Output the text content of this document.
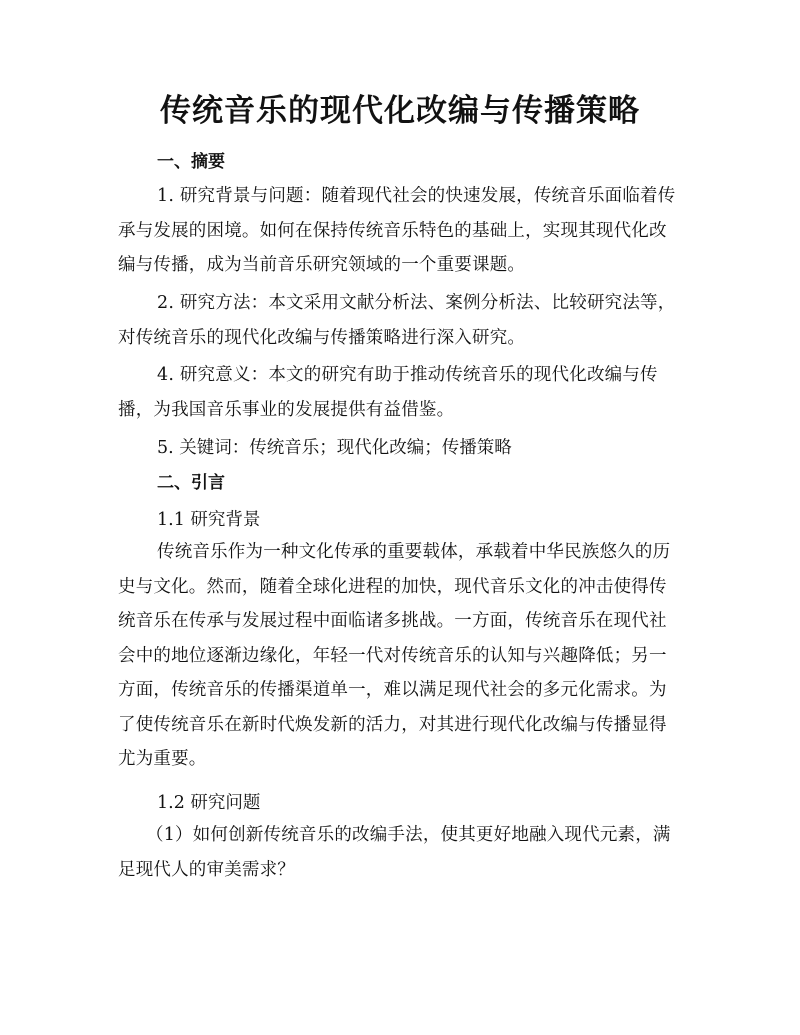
传统音乐的现代化改编与传播策略
一、摘要
1. 研究背景与问题：随着现代社会的快速发展，传统音乐面临着传承与发展的困境。如何在保持传统音乐特色的基础上，实现其现代化改编与传播，成为当前音乐研究领域的一个重要课题。
2. 研究方法：本文采用文献分析法、案例分析法、比较研究法等，对传统音乐的现代化改编与传播策略进行深入研究。
4. 研究意义：本文的研究有助于推动传统音乐的现代化改编与传播，为我国音乐事业的发展提供有益借鉴。
5. 关键词：传统音乐；现代化改编；传播策略
二、引言
1.1 研究背景
传统音乐作为一种文化传承的重要载体，承载着中华民族悠久的历史与文化。然而，随着全球化进程的加快，现代音乐文化的冲击使得传统音乐在传承与发展过程中面临诸多挑战。一方面，传统音乐在现代社会中的地位逐渐边缘化，年轻一代对传统音乐的认知与兴趣降低；另一方面，传统音乐的传播渠道单一，难以满足现代社会的多元化需求。为了使传统音乐在新时代焕发新的活力，对其进行现代化改编与传播显得尤为重要。
1.2 研究问题
（1）如何创新传统音乐的改编手法，使其更好地融入现代元素，满足现代人的审美需求？
